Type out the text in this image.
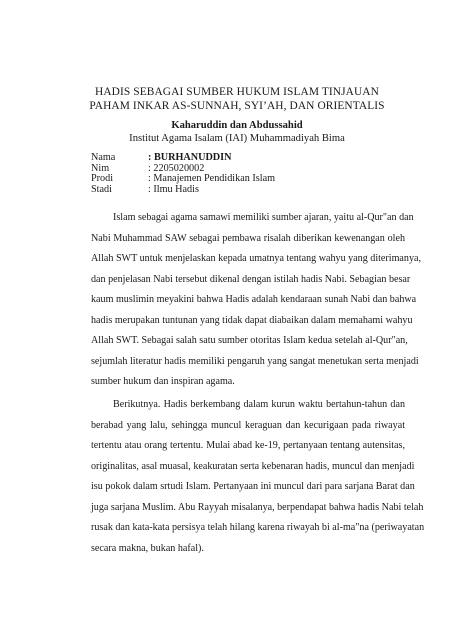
HADIS SEBAGAI SUMBER HUKUM ISLAM TINJAUAN
PAHAM INKAR AS-SUNNAH, SYI’AH, DAN ORIENTALIS
Kaharuddin dan Abdussahid
Institut Agama Isalam (IAI) Muhammadiyah Bima
Nama	: BURHANUDDIN
Nim	: 2205020002
Prodi	: Manajemen Pendidikan Islam
Stadi	: Ilmu Hadis
Islam sebagai agama samawi memiliki sumber ajaran, yaitu al-Qur"an dan
Nabi Muhammad SAW sebagai pembawa risalah diberikan kewenangan oleh
Allah SWT untuk menjelaskan kepada umatnya tentang wahyu yang diterimanya,
dan penjelasan Nabi tersebut dikenal dengan istilah hadis Nabi. Sebagian besar
kaum muslimin meyakini bahwa Hadis adalah kendaraan sunah Nabi dan bahwa
hadis merupakan tuntunan yang tidak dapat diabaikan dalam memahami wahyu
Allah SWT. Sebagai salah satu sumber otoritas Islam kedua setelah al-Qur"an,
sejumlah literatur hadis memiliki pengaruh yang sangat menetukan serta menjadi
sumber hukum dan inspiran agama.
Berikutnya. Hadis berkembang dalam kurun waktu bertahun-tahun dan
berabad yang lalu, sehingga muncul keraguan dan kecurigaan pada riwayat
tertentu atau orang tertentu. Mulai abad ke-19, pertanyaan tentang autensitas,
originalitas, asal muasal, keakuratan serta kebenaran hadis, muncul dan menjadi
isu pokok dalam srtudi Islam. Pertanyaan ini muncul dari para sarjana Barat dan
juga sarjana Muslim. Abu Rayyah misalanya, berpendapat bahwa hadis Nabi telah
rusak dan kata-kata persisya telah hilang karena riwayah bi al-ma"na (periwayatan
secara makna, bukan hafal).
